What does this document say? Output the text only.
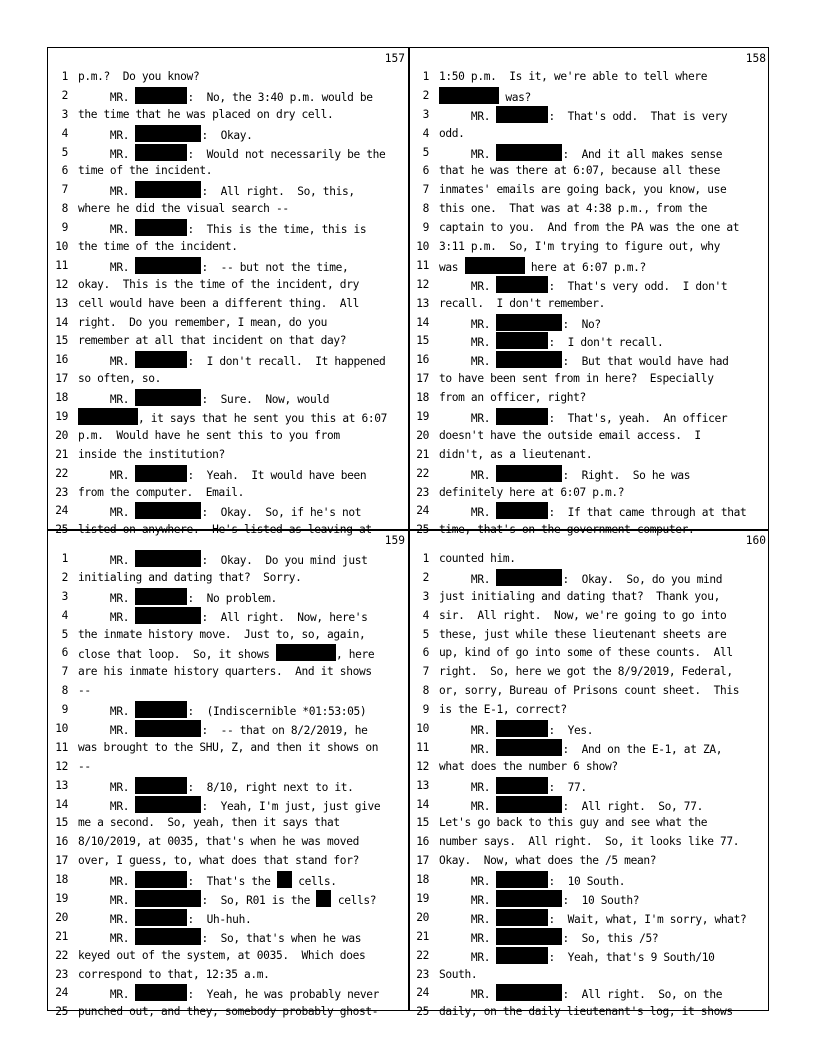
157
1 p.m.?  Do you know?
2 MR.	:  No, the 3:40 p.m. would be
3 the time that he was placed on dry cell.
4 MR.	:  Okay.
5 MR.	:  Would not necessarily be the
6 time of the incident.
7 MR.	:  All right.  So, this,
8 where he did the visual search --
9 MR.	:  This is the time, this is
10 the time of the incident.
11 MR.	:  -- but not the time,
12 okay.  This is the time of the incident, dry
13 cell would have been a different thing.  All
14 right.  Do you remember, I mean, do you
15 remember at all that incident on that day?
16 MR.	:  I don't recall.  It happened
17 so often, so.
18 MR.	:  Sure.  Now, would
19	, it says that he sent you this at 6:07
20 p.m.  Would have he sent this to you from
21 inside the institution?
22 MR.	:  Yeah.  It would have been
23 from the computer.  Email.
24 MR.	:  Okay.  So, if he's not
25 listed on anywhere.  He's listed as leaving at
158
1 1:50 p.m.  Is it, we're able to tell where
2	was?
3 MR.	:  That's odd.  That is very
4 odd.
5 MR.	:  And it all makes sense
6 that he was there at 6:07, because all these
7 inmates' emails are going back, you know, use
8 this one.  That was at 4:38 p.m., from the
9 captain to you.  And from the PA was the one at
10 3:11 p.m.  So, I'm trying to figure out, why
11 was	here at 6:07 p.m.?
12 MR.	:  That's very odd.  I don't
13 recall.  I don't remember.
14 MR.	:  No?
15 MR.	:  I don't recall.
16 MR.	:  But that would have had
17 to have been sent from in here?  Especially
18 from an officer, right?
19 MR.	:  That's, yeah.  An officer
20 doesn't have the outside email access.  I
21 didn't, as a lieutenant.
22 MR.	:  Right.  So he was
23 definitely here at 6:07 p.m.?
24 MR.	:  If that came through at that
25 time, that's on the government computer.
159
1 MR.	:  Okay.  Do you mind just
2 initialing and dating that?  Sorry.
3 MR.	:  No problem.
4 MR.	:  All right.  Now, here's
5 the inmate history move.  Just to, so, again,
6 close that loop.  So, it shows	, here
7 are his inmate history quarters.  And it shows
8 --
9 MR.	:  (Indiscernible *01:53:05)
10 MR.	:  -- that on 8/2/2019, he
11 was brought to the SHU, Z, and then it shows on
12 --
13 MR.	:  8/10, right next to it.
14 MR.	:  Yeah, I'm just, just give
15 me a second.  So, yeah, then it says that
16 8/10/2019, at 0035, that's when he was moved
17 over, I guess, to, what does that stand for?
18 MR.	:  That's the  cells.
19 MR.	:  So, R01 is the  cells?
20 MR.	:  Uh-huh.
21 MR.	:  So, that's when he was
22 keyed out of the system, at 0035.  Which does
23 correspond to that, 12:35 a.m.
24 MR.	:  Yeah, he was probably never
25 punched out, and they, somebody probably ghost-
160
1 counted him.
2 MR.	:  Okay.  So, do you mind
3 just initialing and dating that?  Thank you,
4 sir.  All right.  Now, we're going to go into
5 these, just while these lieutenant sheets are
6 up, kind of go into some of these counts.  All
7 right.  So, here we got the 8/9/2019, Federal,
8 or, sorry, Bureau of Prisons count sheet.  This
9 is the E-1, correct?
10 MR.	:  Yes.
11 MR.	:  And on the E-1, at ZA,
12 what does the number 6 show?
13 MR.	:  77.
14 MR.	:  All right.  So, 77.
15 Let's go back to this guy and see what the
16 number says.  All right.  So, it looks like 77.
17 Okay.  Now, what does the /5 mean?
18 MR.	:  10 South.
19 MR.	:  10 South?
20 MR.	:  Wait, what, I'm sorry, what?
21 MR.	:  So, this /5?
22 MR.	:  Yeah, that's 9 South/10
23 South.
24 MR.	:  All right.  So, on the
25 daily, on the daily lieutenant's log, it shows
